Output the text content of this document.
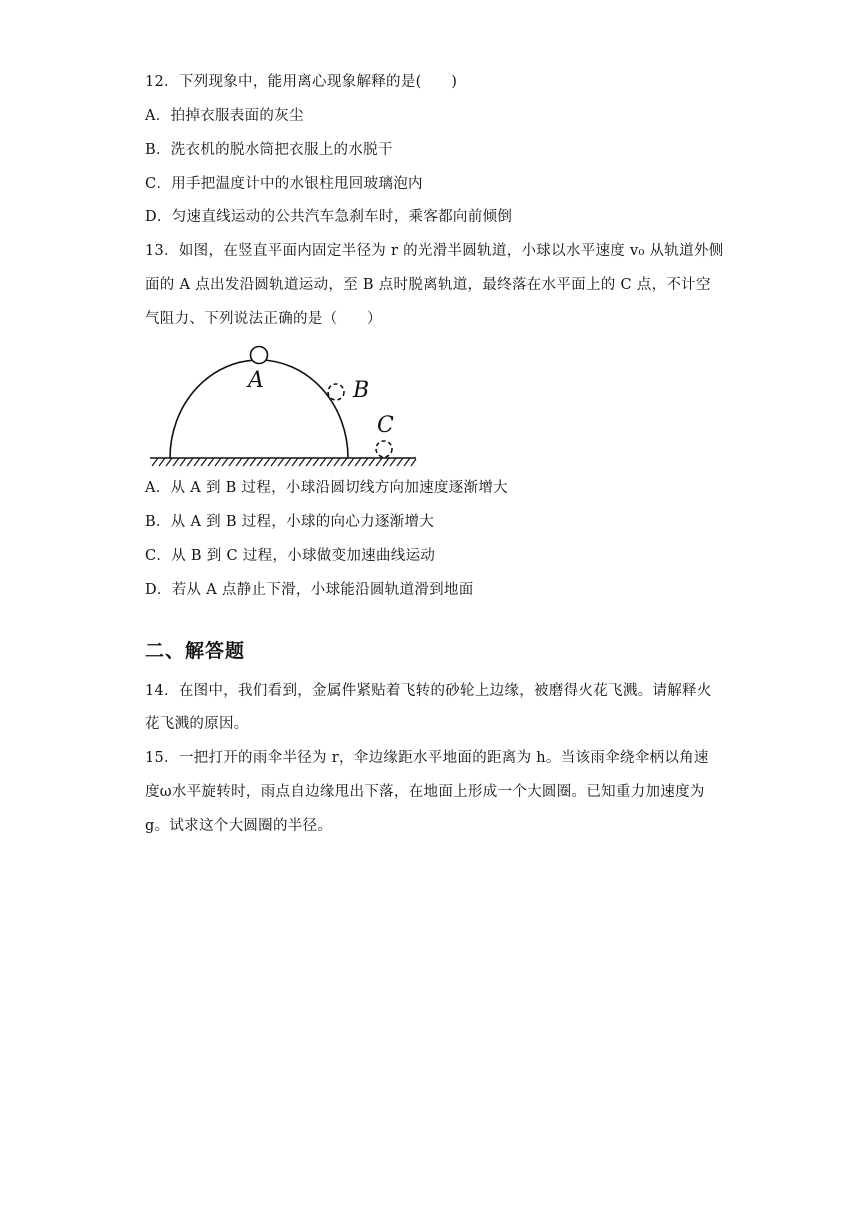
12．下列现象中，能用离心现象解释的是(　　)
A．拍掉衣服表面的灰尘
B．洗衣机的脱水筒把衣服上的水脱干
C．用手把温度计中的水银柱甩回玻璃泡内
D．匀速直线运动的公共汽车急刹车时，乘客都向前倾倒
13．如图，在竖直平面内固定半径为 r 的光滑半圆轨道，小球以水平速度 v₀ 从轨道外侧
面的 A 点出发沿圆轨道运动，至 B 点时脱离轨道，最终落在水平面上的 C 点，不计空
气阻力、下列说法正确的是（　　）
A	B
C
A．从 A 到 B 过程，小球沿圆切线方向加速度逐渐增大
B．从 A 到 B 过程，小球的向心力逐渐增大
C．从 B 到 C 过程，小球做变加速曲线运动
D．若从 A 点静止下滑，小球能沿圆轨道滑到地面
二、解答题
14．在图中，我们看到，金属件紧贴着飞转的砂轮上边缘，被磨得火花飞溅。请解释火
花飞溅的原因。
15．一把打开的雨伞半径为 r，伞边缘距水平地面的距离为 h。当该雨伞绕伞柄以角速
度ω水平旋转时，雨点自边缘甩出下落，在地面上形成一个大圆圈。已知重力加速度为
g。试求这个大圆圈的半径。
